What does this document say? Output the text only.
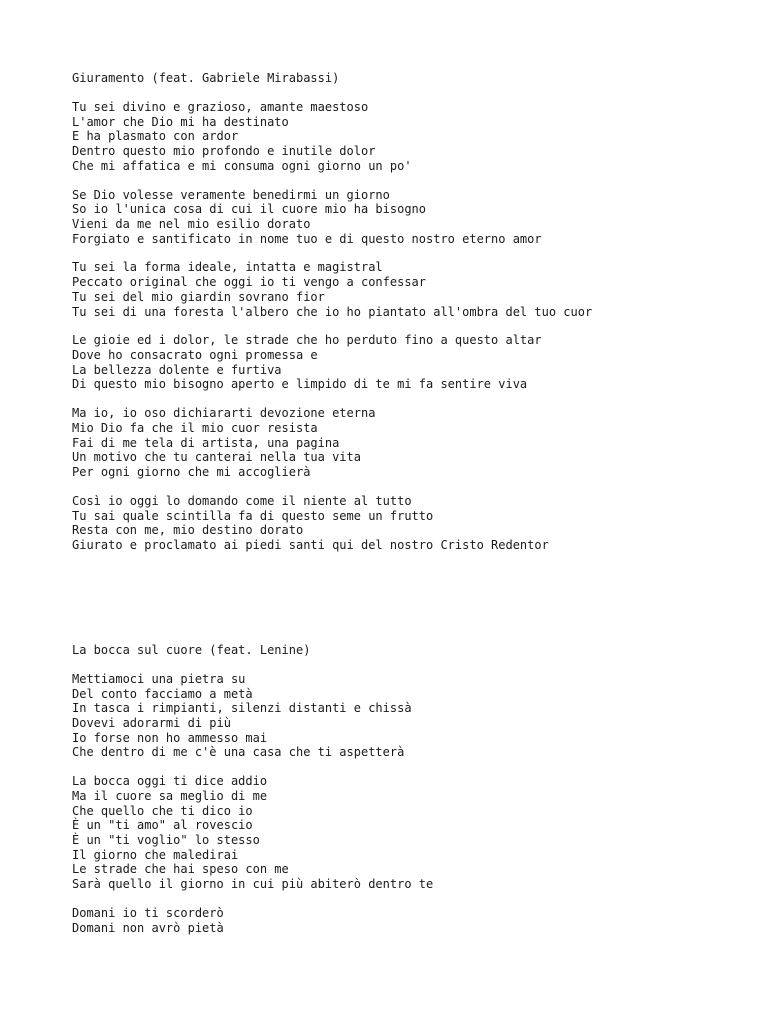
Giuramento (feat. Gabriele Mirabassi)
Tu sei divino e grazioso, amante maestoso
L'amor che Dio mi ha destinato
E ha plasmato con ardor
Dentro questo mio profondo e inutile dolor
Che mi affatica e mi consuma ogni giorno un po'
Se Dio volesse veramente benedirmi un giorno
So io l'unica cosa di cui il cuore mio ha bisogno
Vieni da me nel mio esilio dorato
Forgiato e santificato in nome tuo e di questo nostro eterno amor
Tu sei la forma ideale, intatta e magistral
Peccato original che oggi io ti vengo a confessar
Tu sei del mio giardin sovrano fior
Tu sei di una foresta l'albero che io ho piantato all'ombra del tuo cuor
Le gioie ed i dolor, le strade che ho perduto fino a questo altar
Dove ho consacrato ogni promessa e
La bellezza dolente e furtiva
Di questo mio bisogno aperto e limpido di te mi fa sentire viva
Ma io, io oso dichiararti devozione eterna
Mio Dio fa che il mio cuor resista
Fai di me tela di artista, una pagina
Un motivo che tu canterai nella tua vita
Per ogni giorno che mi accoglierà
Così io oggi lo domando come il niente al tutto
Tu sai quale scintilla fa di questo seme un frutto
Resta con me, mio destino dorato
Giurato e proclamato ai piedi santi qui del nostro Cristo Redentor
La bocca sul cuore (feat. Lenine)
Mettiamoci una pietra su
Del conto facciamo a metà
In tasca i rimpianti, silenzi distanti e chissà
Dovevi adorarmi di più
Io forse non ho ammesso mai
Che dentro di me c'è una casa che ti aspetterà
La bocca oggi ti dice addio
Ma il cuore sa meglio di me
Che quello che ti dico io
È un "ti amo" al rovescio
È un "ti voglio" lo stesso
Il giorno che maledirai
Le strade che hai speso con me
Sarà quello il giorno in cui più abiterò dentro te
Domani io ti scorderò
Domani non avrò pietà
